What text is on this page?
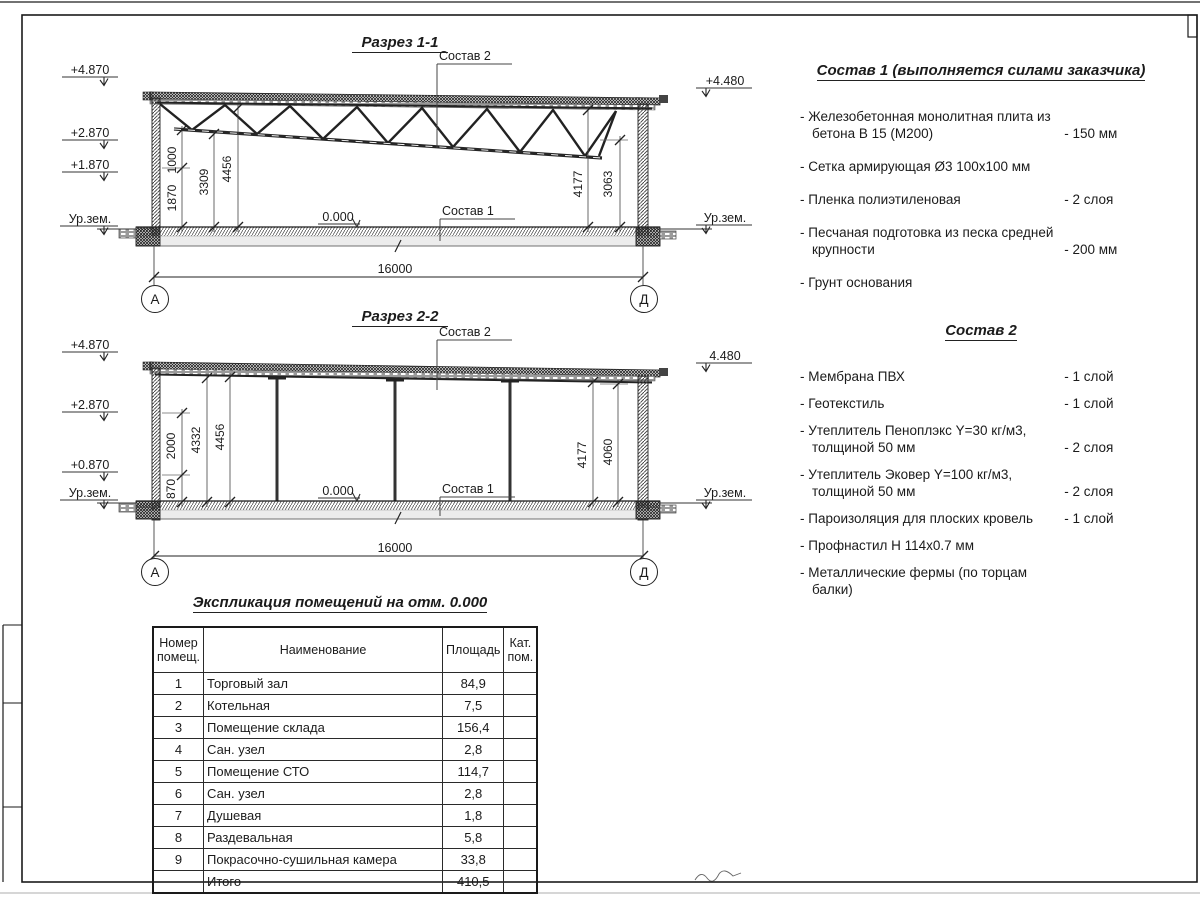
Разрез 1-1
Состав 2
Состав 1
0.000
+4.870
+2.870
+1.870
Ур.зем.
+4.480
Ур.зем.
1000
1870
3309 4456
4177 3063
16000
А	Д
Разрез 2-2
Состав 2
Состав 1
0.000
+4.870
+2.870
+0.870
Ур.зем.
4.480
Ур.зем.
2000
870
4332 4456
4177 4060
16000
А	Д
Состав 1 (выполняется силами заказчика)
- Железобетонная монолитная плита из бетона В 15 (М200)	- 150 мм
- Сетка армирующая Ø3 100х100 мм
- Пленка полиэтиленовая	- 2 слоя
- Песчаная подготовка из песка средней крупности	- 200 мм
- Грунт основания
Состав 2
- Мембрана ПВХ	- 1 слой
- Геотекстиль	- 1 слой
- Утеплитель Пеноплэкс Y=30 кг/м3, толщиной 50 мм	- 2 слоя
- Утеплитель Эковер Y=100 кг/м3, толщиной 50 мм	- 2 слоя
- Пароизоляция для плоских кровель	- 1 слой
- Профнастил Н 114х0.7 мм
- Металлические фермы (по торцам балки)
Экспликация помещений на отм. 0.000
Номер помещ.	Наименование	Площадь	Кат. пом.
1	Торговый зал	84,9	
2	Котельная	7,5	
3	Помещение склада	156,4	
4	Сан. узел	2,8	
5	Помещение СТО	114,7	
6	Сан. узел	2,8	
7	Душевая	1,8	
8	Раздевальная	5,8	
9	Покрасочно-сушильная камера	33,8	
	Итого	410,5	
